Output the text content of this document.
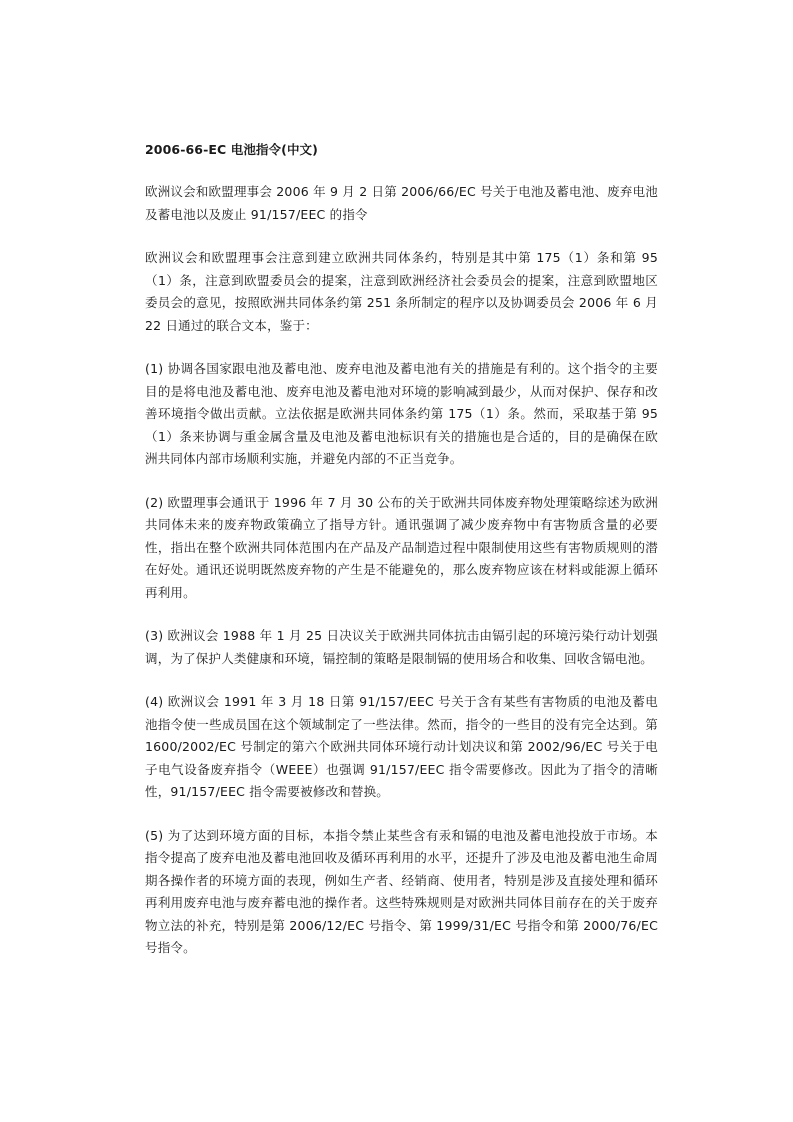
2006-66-EC 电池指令(中文)

欧洲议会和欧盟理事会 2006 年 9 月 2 日第 2006/66/EC 号关于电池及蓄电池、废弃电池及蓄电池以及废止 91/157/EEC 的指令

欧洲议会和欧盟理事会注意到建立欧洲共同体条约，特别是其中第 175（1）条和第 95（1）条，注意到欧盟委员会的提案，注意到欧洲经济社会委员会的提案，注意到欧盟地区委员会的意见，按照欧洲共同体条约第 251 条所制定的程序以及协调委员会 2006 年 6 月 22 日通过的联合文本，鉴于：

(1) 协调各国家跟电池及蓄电池、废弃电池及蓄电池有关的措施是有利的。这个指令的主要目的是将电池及蓄电池、废弃电池及蓄电池对环境的影响减到最少，从而对保护、保存和改善环境指令做出贡献。立法依据是欧洲共同体条约第 175（1）条。然而，采取基于第 95（1）条来协调与重金属含量及电池及蓄电池标识有关的措施也是合适的，目的是确保在欧洲共同体内部市场顺利实施，并避免内部的不正当竞争。

(2) 欧盟理事会通讯于 1996 年 7 月 30 公布的关于欧洲共同体废弃物处理策略综述为欧洲共同体未来的废弃物政策确立了指导方针。通讯强调了减少废弃物中有害物质含量的必要性，指出在整个欧洲共同体范围内在产品及产品制造过程中限制使用这些有害物质规则的潜在好处。通讯还说明既然废弃物的产生是不能避免的，那么废弃物应该在材料或能源上循环再利用。

(3) 欧洲议会 1988 年 1 月 25 日决议关于欧洲共同体抗击由镉引起的环境污染行动计划强调，为了保护人类健康和环境，镉控制的策略是限制镉的使用场合和收集、回收含镉电池。

(4) 欧洲议会 1991 年 3 月 18 日第 91/157/EEC 号关于含有某些有害物质的电池及蓄电池指令使一些成员国在这个领域制定了一些法律。然而，指令的一些目的没有完全达到。第 1600/2002/EC 号制定的第六个欧洲共同体环境行动计划决议和第 2002/96/EC 号关于电子电气设备废弃指令（WEEE）也强调 91/157/EEC 指令需要修改。因此为了指令的清晰性，91/157/EEC 指令需要被修改和替换。

(5) 为了达到环境方面的目标，本指令禁止某些含有汞和镉的电池及蓄电池投放于市场。本指令提高了废弃电池及蓄电池回收及循环再利用的水平，还提升了涉及电池及蓄电池生命周期各操作者的环境方面的表现，例如生产者、经销商、使用者，特别是涉及直接处理和循环再利用废弃电池与废弃蓄电池的操作者。这些特殊规则是对欧洲共同体目前存在的关于废弃物立法的补充，特别是第 2006/12/EC 号指令、第 1999/31/EC 号指令和第 2000/76/EC 号指令。
